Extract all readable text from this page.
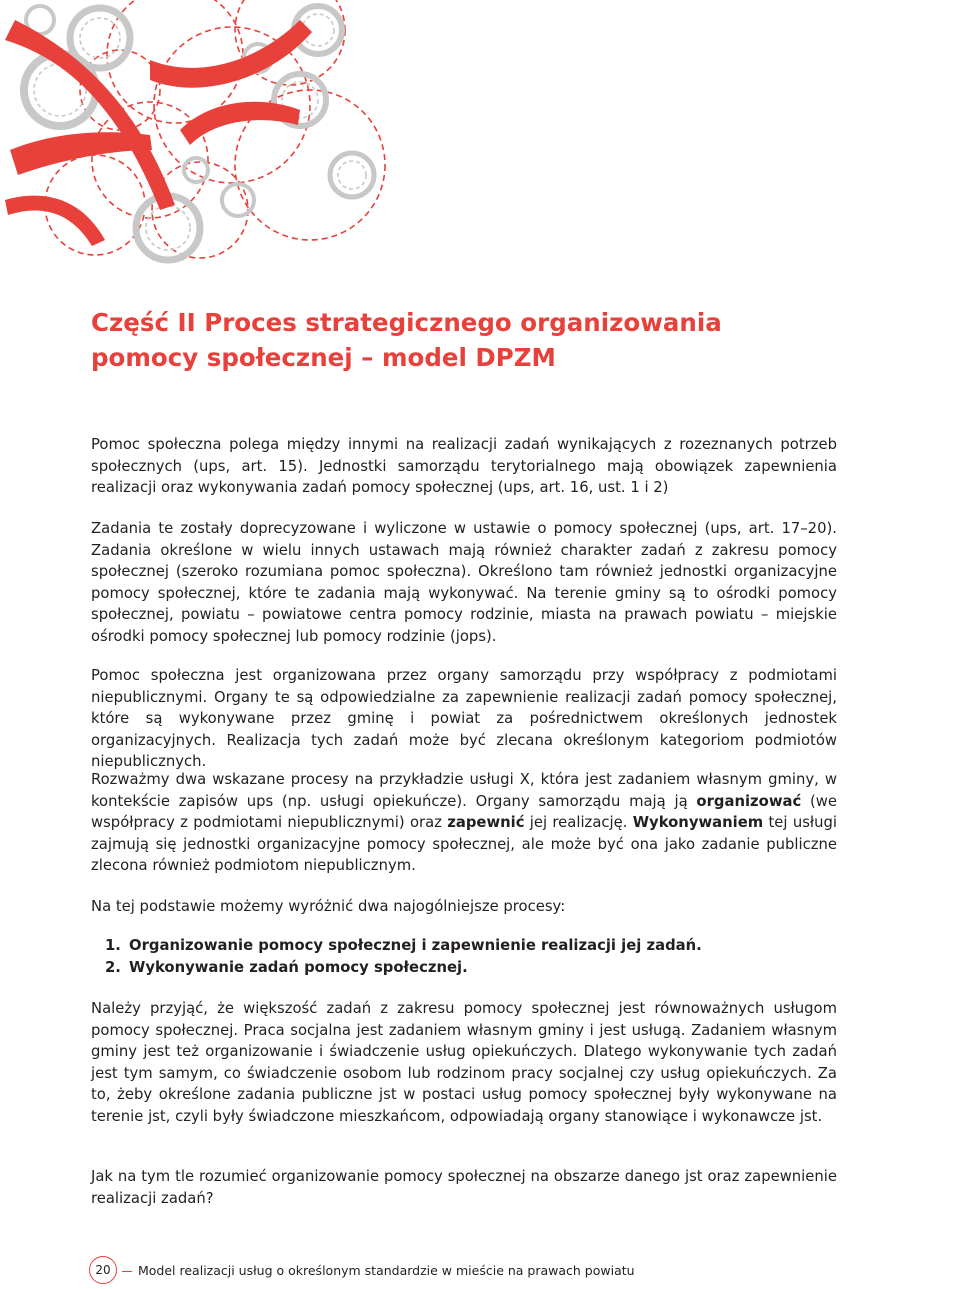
Część II Proces strategicznego organizowania
pomocy społecznej – model DPZM
Pomoc społeczna polega między innymi na realizacji zadań wynikających z rozeznanych potrzeb społecznych (ups, art. 15). Jednostki samorządu terytorialnego mają obowiązek zapewnienia realizacji oraz wykonywania zadań pomocy społecznej (ups, art. 16, ust. 1 i 2)
Zadania te zostały doprecyzowane i wyliczone w ustawie o pomocy społecznej (ups, art. 17–20). Zadania określone w wielu innych ustawach mają również charakter zadań z zakresu pomocy społecznej (szeroko rozumiana pomoc społeczna). Określono tam również jednostki organizacyjne pomocy społecznej, które te zadania mają wykonywać. Na terenie gminy są to ośrodki pomocy społecznej, powiatu – powiatowe centra pomocy rodzinie, miasta na prawach powiatu – miejskie ośrodki pomocy społecznej lub pomocy rodzinie (jops).
Pomoc społeczna jest organizowana przez organy samorządu przy współpracy z podmiotami niepublicznymi. Organy te są odpowiedzialne za zapewnienie realizacji zadań pomocy społecznej, które są wykonywane przez gminę i powiat za pośrednictwem określonych jednostek organizacyjnych. Realizacja tych zadań może być zlecana określonym kategoriom podmiotów niepublicznych.
Rozważmy dwa wskazane procesy na przykładzie usługi X, która jest zadaniem własnym gminy, w kontekście zapisów ups (np. usługi opiekuńcze). Organy samorządu mają ją organizować (we współpracy z podmiotami niepublicznymi) oraz zapewnić jej realizację. Wykonywaniem tej usługi zajmują się jednostki organizacyjne pomocy społecznej, ale może być ona jako zadanie publiczne zlecona również podmiotom niepublicznym.
Na tej podstawie możemy wyróżnić dwa najogólniejsze procesy:
1. Organizowanie pomocy społecznej i zapewnienie realizacji jej zadań.
2. Wykonywanie zadań pomocy społecznej.
Należy przyjąć, że większość zadań z zakresu pomocy społecznej jest równoważnych usługom pomocy społecznej. Praca socjalna jest zadaniem własnym gminy i jest usługą. Zadaniem własnym gminy jest też organizowanie i świadczenie usług opiekuńczych. Dlatego wykonywanie tych zadań jest tym samym, co świadczenie osobom lub rodzinom pracy socjalnej czy usług opiekuńczych. Za to, żeby określone zadania publiczne jst w postaci usług pomocy społecznej były wykonywane na terenie jst, czyli były świadczone mieszkańcom, odpowiadają organy stanowiące i wykonawcze jst.
Jak na tym tle rozumieć organizowanie pomocy społecznej na obszarze danego jst oraz zapewnienie realizacji zadań?
20	Model realizacji usług o określonym standardzie w mieście na prawach powiatu
